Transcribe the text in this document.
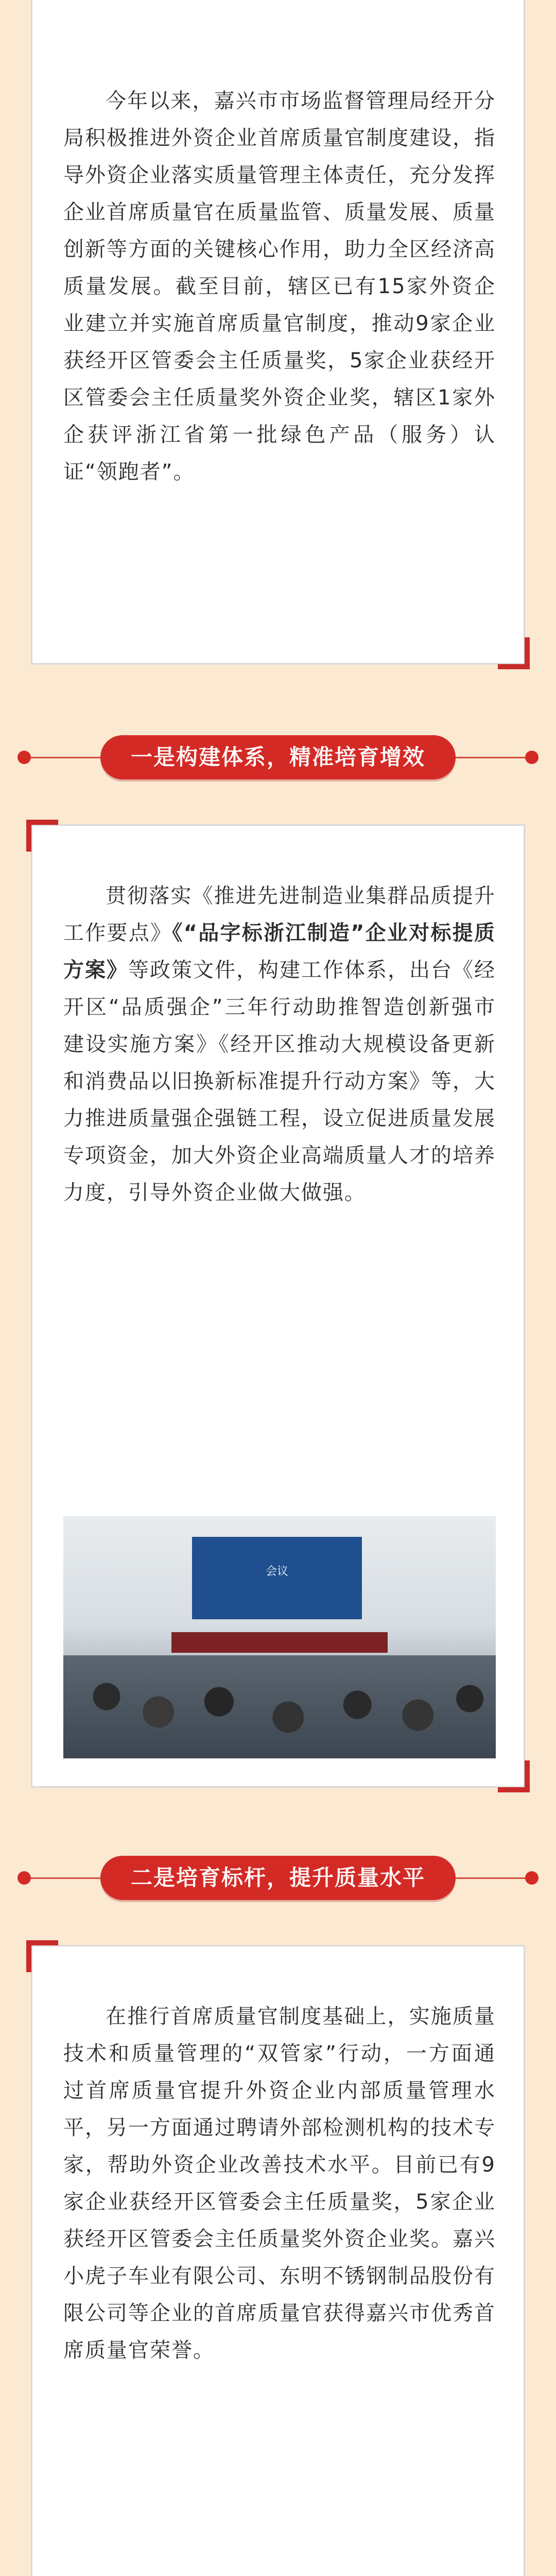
今年以来，嘉兴市市场监督管理局经开分局积极推进外资企业首席质量官制度建设，指导外资企业落实质量管理主体责任，充分发挥企业首席质量官在质量监管、质量发展、质量创新等方面的关键核心作用，助力全区经济高质量发展。截至目前，辖区已有15家外资企业建立并实施首席质量官制度，推动9家企业获经开区管委会主任质量奖，5家企业获经开区管委会主任质量奖外资企业奖，辖区1家外企获评浙江省第一批绿色产品（服务）认证“领跑者”。

一是构建体系，精准培育增效

贯彻落实《推进先进制造业集群品质提升工作要点》《“品字标浙江制造”企业对标提质方案》等政策文件，构建工作体系，出台《经开区“品质强企”三年行动助推智造创新强市建设实施方案》《经开区推动大规模设备更新和消费品以旧换新标准提升行动方案》等，大力推进质量强企强链工程，设立促进质量发展专项资金，加大外资企业高端质量人才的培养力度，引导外资企业做大做强。

会议
二是培育标杆，提升质量水平

在推行首席质量官制度基础上，实施质量技术和质量管理的“双管家”行动，一方面通过首席质量官提升外资企业内部质量管理水平，另一方面通过聘请外部检测机构的技术专家，帮助外资企业改善技术水平。目前已有9家企业获经开区管委会主任质量奖，5家企业获经开区管委会主任质量奖外资企业奖。嘉兴小虎子车业有限公司、东明不锈钢制品股份有限公司等企业的首席质量官获得嘉兴市优秀首席质量官荣誉。
